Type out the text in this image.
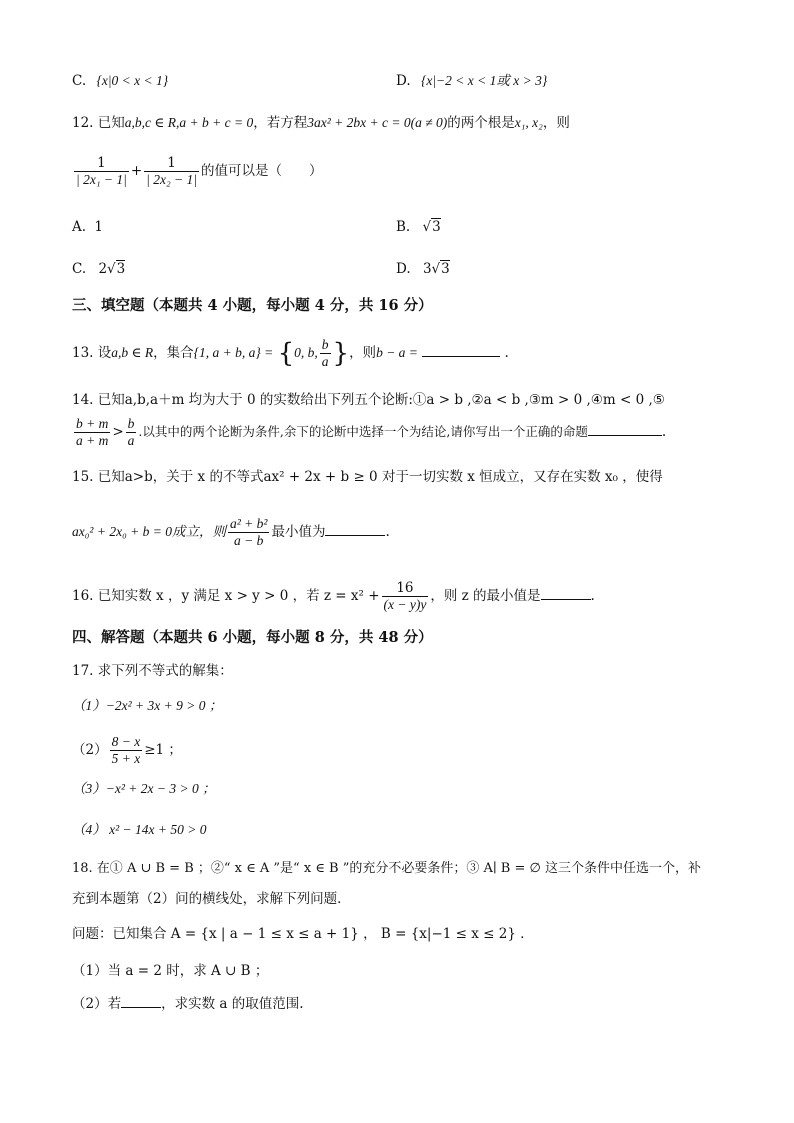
C. {x|0 < x < 1}	D. {x|−2 < x < 1或 x > 3}
12. 已知a,b,c ∈ R,a + b + c = 0，若方程3ax² + 2bx + c = 0(a ≠ 0)的两个根是x₁, x₂，则
$\frac{1}{\text{| 2x₁ − 1|}} + \frac{1}{\text{| 2x₂ − 1|}}$ 的值可以是（　　）
A. 1	B. √3
C. 2√3	D. 3√3
三、填空题（本题共 4 小题，每小题 4 分，共 16 分）
13. 设a,b ∈ R，集合{1, a + b, a} = {0, b, $\frac{b}{a}$ }，则b − a =	.
14. 已知a,b,a＋m 均为大于 0 的实数给出下列五个论断:①a > b ,②a < b ,③m > 0 ,④m < 0 ,⑤
$\frac{b + m}{a + m} > \frac{b}{a}$ .以其中的两个论断为条件,余下的论断中选择一个为结论,请你写出一个正确的命题	.
15. 已知a>b，关于 x 的不等式ax² + 2x + b ≥ 0 对于一切实数 x 恒成立，又存在实数 x₀ ，使得
ax₀² + 2x₀ + b = 0成立，则 $\frac{\text{a² + b²}}{a - b}$ 最小值为	.
16. 已知实数 x ，y 满足 x > y > 0 ，若 $z = x^2 + \frac{16}{(x - y)y}$ ，则 z 的最小值是	.
四、解答题（本题共 6 小题，每小题 8 分，共 48 分）
17. 求下列不等式的解集：
（1）−2x² + 3x + 9 > 0 ；
$(2) \frac{8 - x}{5 + x} \ge 1$ ；
（3）−x² + 2x − 3 > 0 ；
（4） x² − 14x + 50 > 0
18. 在① A ∪ B = B ；②“ x ∈ A ”是“ x ∈ B ”的充分不必要条件；③ A∣ B = ∅ 这三个条件中任选一个，补
充到本题第（2）问的横线处，求解下列问题．
问题：已知集合 A = {x | a − 1 ≤ x ≤ a + 1} ， B = {x|−1 ≤ x ≤ 2} ．
（1）当 a = 2 时，求 A ∪ B ；
（2）若	，求实数 a 的取值范围.
